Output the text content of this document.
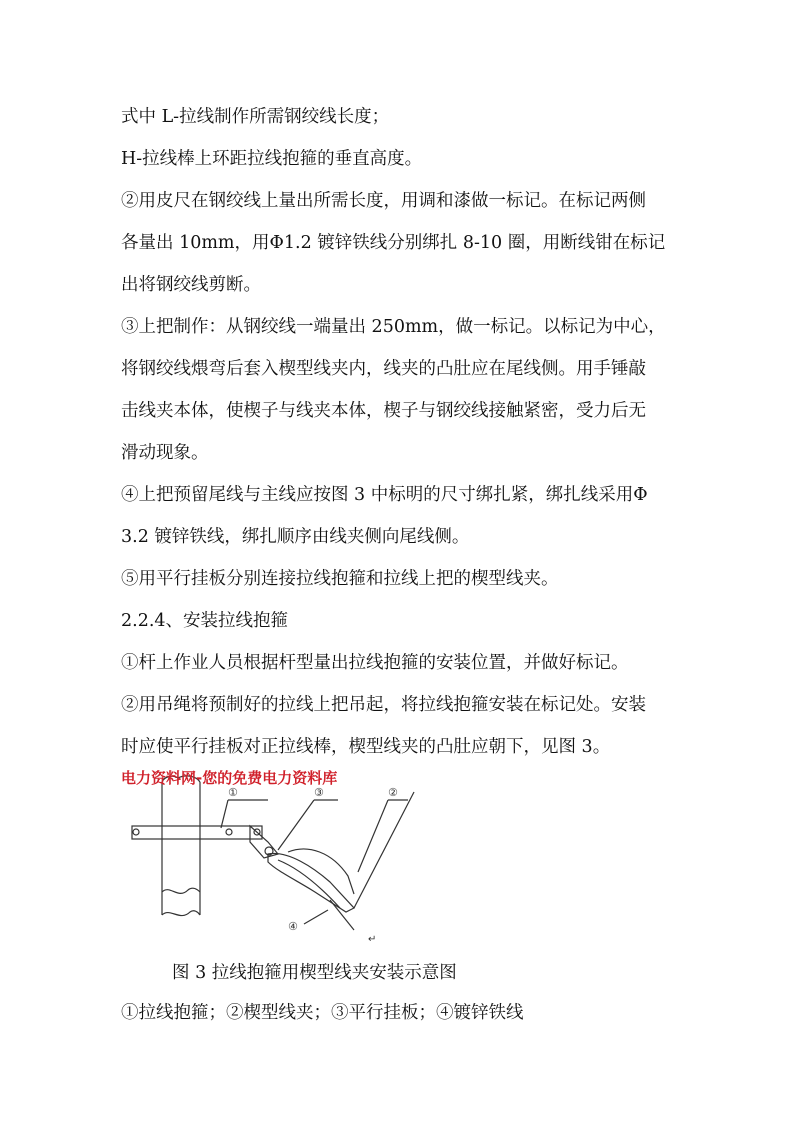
式中 L-拉线制作所需钢绞线长度；
H-拉线棒上环距拉线抱箍的垂直高度。
②用皮尺在钢绞线上量出所需长度，用调和漆做一标记。在标记两侧
各量出 10mm，用Φ1.2 镀锌铁线分别绑扎 8-10 圈，用断线钳在标记
出将钢绞线剪断。
③上把制作：从钢绞线一端量出 250mm，做一标记。以标记为中心，
将钢绞线煨弯后套入楔型线夹内，线夹的凸肚应在尾线侧。用手锤敲
击线夹本体，使楔子与线夹本体，楔子与钢绞线接触紧密，受力后无
滑动现象。
④上把预留尾线与主线应按图 3 中标明的尺寸绑扎紧，绑扎线采用Φ
3.2 镀锌铁线，绑扎顺序由线夹侧向尾线侧。
⑤用平行挂板分别连接拉线抱箍和拉线上把的楔型线夹。
2.2.4、安装拉线抱箍
①杆上作业人员根据杆型量出拉线抱箍的安装位置，并做好标记。
②用吊绳将预制好的拉线上把吊起，将拉线抱箍安装在标记处。安装
时应使平行挂板对正拉线棒，楔型线夹的凸肚应朝下，见图 3。
电力资料网-您的免费电力资料库
①	③	②
④
↵
图 3 拉线抱箍用楔型线夹安装示意图
①拉线抱箍；②楔型线夹；③平行挂板；④镀锌铁线
